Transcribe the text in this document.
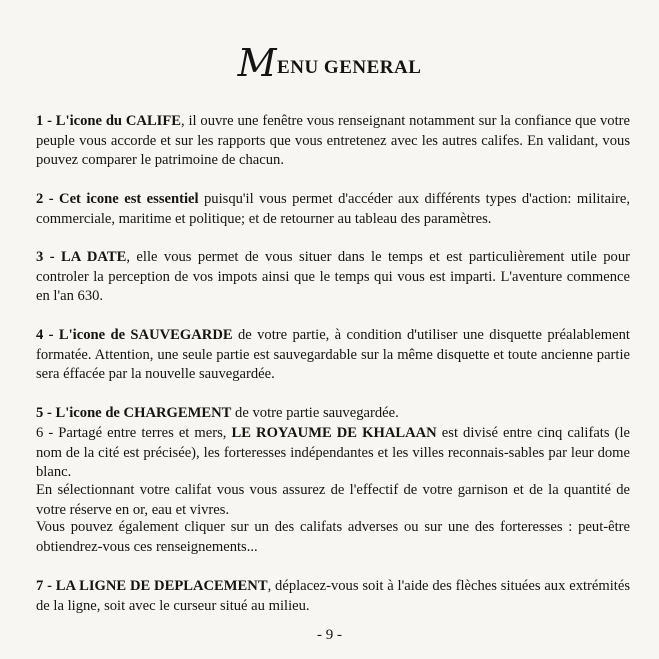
MENU GENERAL

1 - L'icone du CALIFE, il ouvre une fenêtre vous renseignant notamment sur la confiance que votre peuple vous accorde et sur les rapports que vous entretenez avec les autres califes. En validant, vous pouvez comparer le patrimoine de chacun.

2 - Cet icone est essentiel puisqu'il vous permet d'accéder aux différents types d'action: militaire, commerciale, maritime et politique; et de retourner au tableau des paramètres.

3 - LA DATE, elle vous permet de vous situer dans le temps et est particulièrement utile pour controler la perception de vos impots ainsi que le temps qui vous est imparti. L'aventure commence en l'an 630.

4 - L'icone de SAUVEGARDE de votre partie, à condition d'utiliser une disquette préalablement formatée. Attention, une seule partie est sauvegardable sur la même disquette et toute ancienne partie sera éffacée par la nouvelle sauvegardée.

5 - L'icone de CHARGEMENT de votre partie sauvegardée.

6 - Partagé entre terres et mers, LE ROYAUME DE KHALAAN est divisé entre cinq califats (le nom de la cité est précisée), les forteresses indépendantes et les villes reconnais-sables par leur dome blanc.

En sélectionnant votre califat vous vous assurez de l'effectif de votre garnison et de la quantité de votre réserve en or, eau et vivres.

Vous pouvez également cliquer sur un des califats adverses ou sur une des forteresses : peut-être obtiendrez-vous ces renseignements...

7 - LA LIGNE DE DEPLACEMENT, déplacez-vous soit à l'aide des flèches situées aux extrémités de la ligne, soit avec le curseur situé au milieu.

- 9 -
